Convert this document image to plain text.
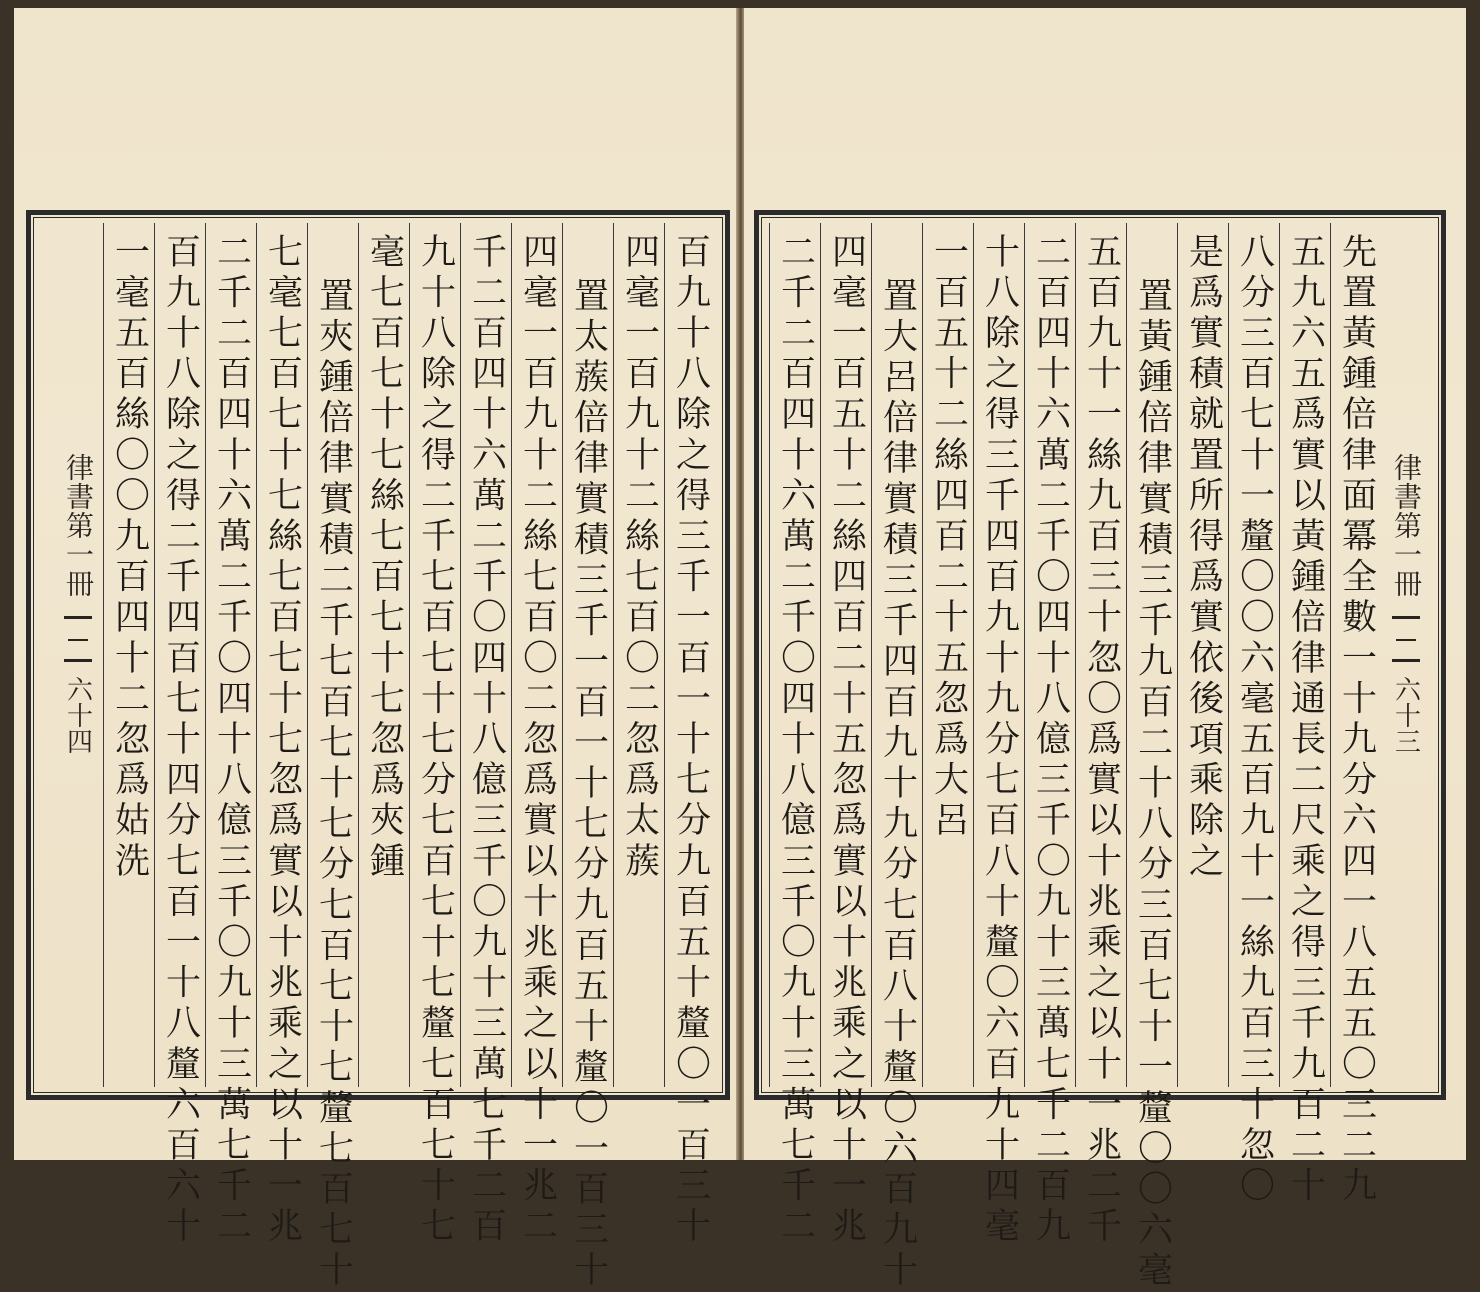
百九十八除之得三千一百一十七分九百五十釐〇一百三十
四毫一百九十二絲七百〇二忽爲太蔟
置太蔟倍律實積三千一百一十七分九百五十釐〇一百三十
四毫一百九十二絲七百〇二忽爲實以十兆乘之以十一兆二
千二百四十六萬二千〇四十八億三千〇九十三萬七千二百
九十八除之得二千七百七十七分七百七十七釐七百七十七
毫七百七十七絲七百七十七忽爲夾鍾
置夾鍾倍律實積二千七百七十七分七百七十七釐七百七十
七毫七百七十七絲七百七十七忽爲實以十兆乘之以十一兆
二千二百四十六萬二千〇四十八億三千〇九十三萬七千二
百九十八除之得二千四百七十四分七百一十八釐六百六十
一毫五百絲〇〇九百四十二忽爲姑洗
律書第一冊
六十四
律書第一冊
六十三
先置黃鍾倍律面冪全數一十九分六四一八五五〇三二九
五九六五爲實以黃鍾倍律通長二尺乘之得三千九百二十
八分三百七十一釐〇〇六毫五百九十一絲九百三十忽〇
是爲實積就置所得爲實依後項乘除之
置黃鍾倍律實積三千九百二十八分三百七十一釐〇〇六毫
五百九十一絲九百三十忽〇爲實以十兆乘之以十一兆二千
二百四十六萬二千〇四十八億三千〇九十三萬七千二百九
十八除之得三千四百九十九分七百八十釐〇六百九十四毫
一百五十二絲四百二十五忽爲大呂
置大呂倍律實積三千四百九十九分七百八十釐〇六百九十
四毫一百五十二絲四百二十五忽爲實以十兆乘之以十一兆
二千二百四十六萬二千〇四十八億三千〇九十三萬七千二
